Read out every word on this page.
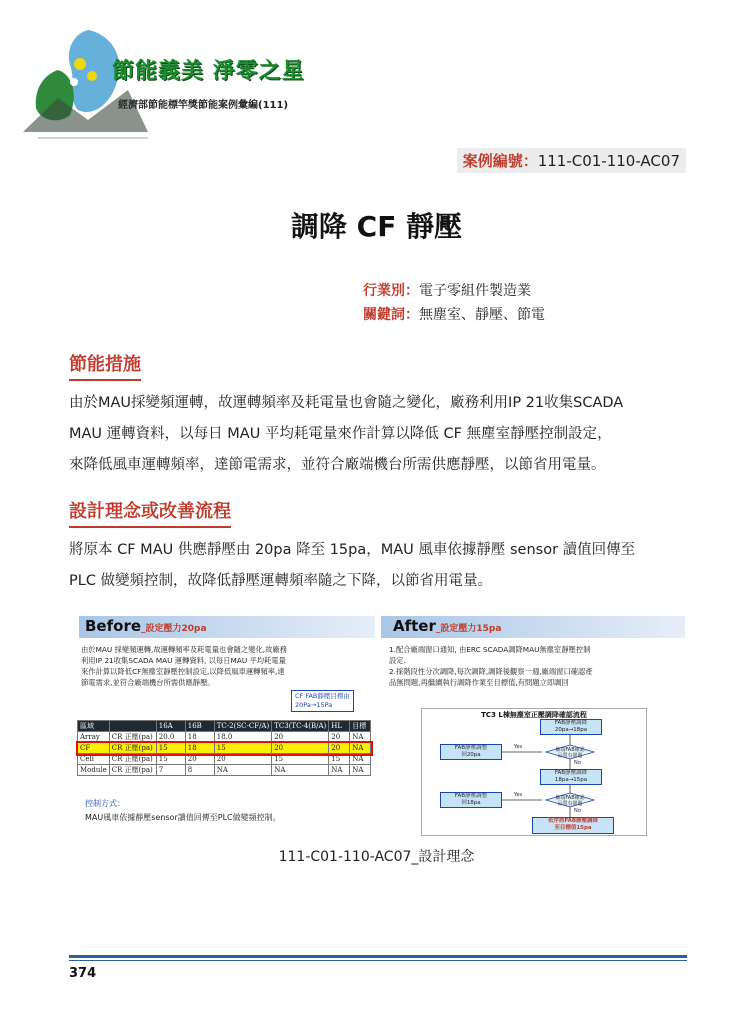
節能義美 淨零之星
經濟部節能標竿獎節能案例彙編(111)
案例編號：111-C01-110-AC07
調降 CF 靜壓
行業別：電子零組件製造業
關鍵詞：無塵室、靜壓、節電
節能措施
由於MAU採變頻運轉，故運轉頻率及耗電量也會隨之變化，廠務利用IP 21收集SCADA
MAU 運轉資料，以每日 MAU 平均耗電量來作計算以降低 CF 無塵室靜壓控制設定，
來降低風車運轉頻率，達節電需求，並符合廠端機台所需供應靜壓，以節省用電量。
設計理念或改善流程
將原本 CF MAU 供應靜壓由 20pa 降至 15pa，MAU 風車依據靜壓 sensor 讀值回傳至
PLC 做變頻控制，故降低靜壓運轉頻率隨之下降，以節省用電量。
Before_設定壓力20pa
由於MAU 採變頻運轉,故運轉頻率及耗電量也會隨之變化,故廠務
利用IP 21收集SCADA MAU 運轉資料, 以每日MAU 平均耗電量
來作計算以降低CF無塵室靜壓控制設定,以降低風車運轉頻率,達
節電需求,並符合廠端機台所需供應靜壓。
CF FAB靜壓目標由
20Pa→15Pa
區域		16A	16B	TC-2(SC-CF/A)	TC3(TC-4(B/A)	HL	目標
Array	CR 正壓(pa)	20.0	18	18.0	20	20	NA
CF	CR 正壓(pa)	15	18	15	20	20	NA
Cell	CR 正壓(pa)	15	20	20	15	15	NA
Module	CR 正壓(pa)	7	8	NA	NA	NA	NA
控制方式：
MAU風車依據靜壓sensor讀值回傳至PLC做變頻控制。
After_設定壓力15pa
1.配合廠端窗口通知, 由ERC SCADA調降MAU無塵室靜壓控制
設定.
2.採階段性分次調降,每次調降,調降後觀察一週,廠端窗口確認產
品無問題,再繼續執行調降作業至目標值,有問題立即調回
TC3 L棟無塵室正壓調降確認流程
FAB靜壓調降
20pa→18pa
廠端FAB確認
品質有問題
FAB靜壓調整
回20pa
Yes
No
FAB靜壓調降
18pa→15pa
廠端FAB確認
品質有問題
FAB靜壓調整
回18pa
Yes
No
依序將FAB靜壓調降
至目標值15pa
111-C01-110-AC07_設計理念
374
